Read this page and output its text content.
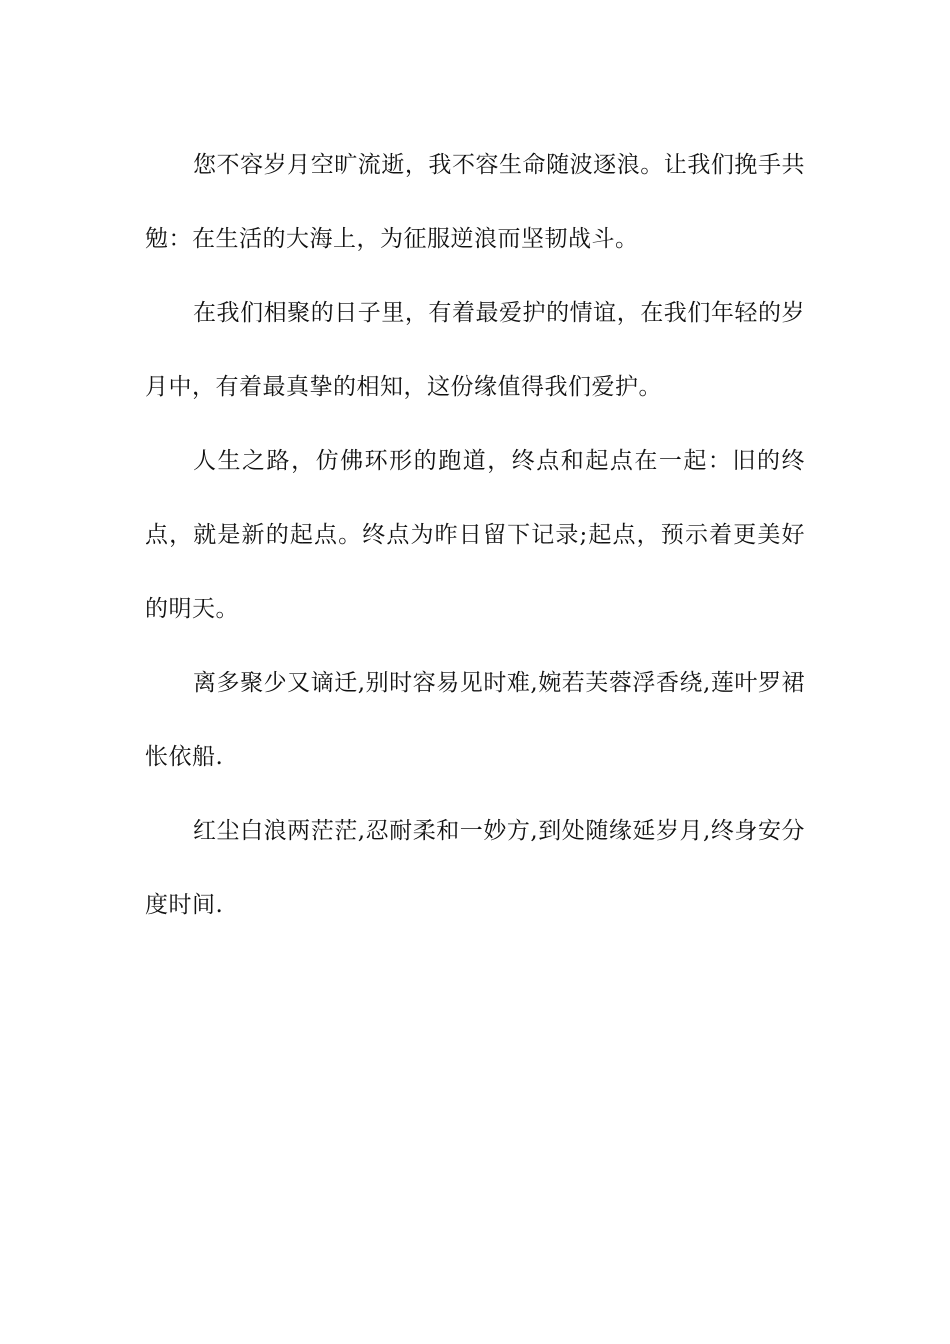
您不容岁月空旷流逝，我不容生命随波逐浪。让我们挽手共勉：在生活的大海上，为征服逆浪而坚韧战斗。

在我们相聚的日子里，有着最爱护的情谊，在我们年轻的岁月中，有着最真挚的相知，这份缘值得我们爱护。

人生之路，仿佛环形的跑道，终点和起点在一起：旧的终点，就是新的起点。终点为昨日留下记录;起点，预示着更美好的明天。

离多聚少又谪迁,别时容易见时难,婉若芙蓉浮香绕,莲叶罗裙怅依船.

红尘白浪两茫茫,忍耐柔和一妙方,到处随缘延岁月,终身安分度时间.
